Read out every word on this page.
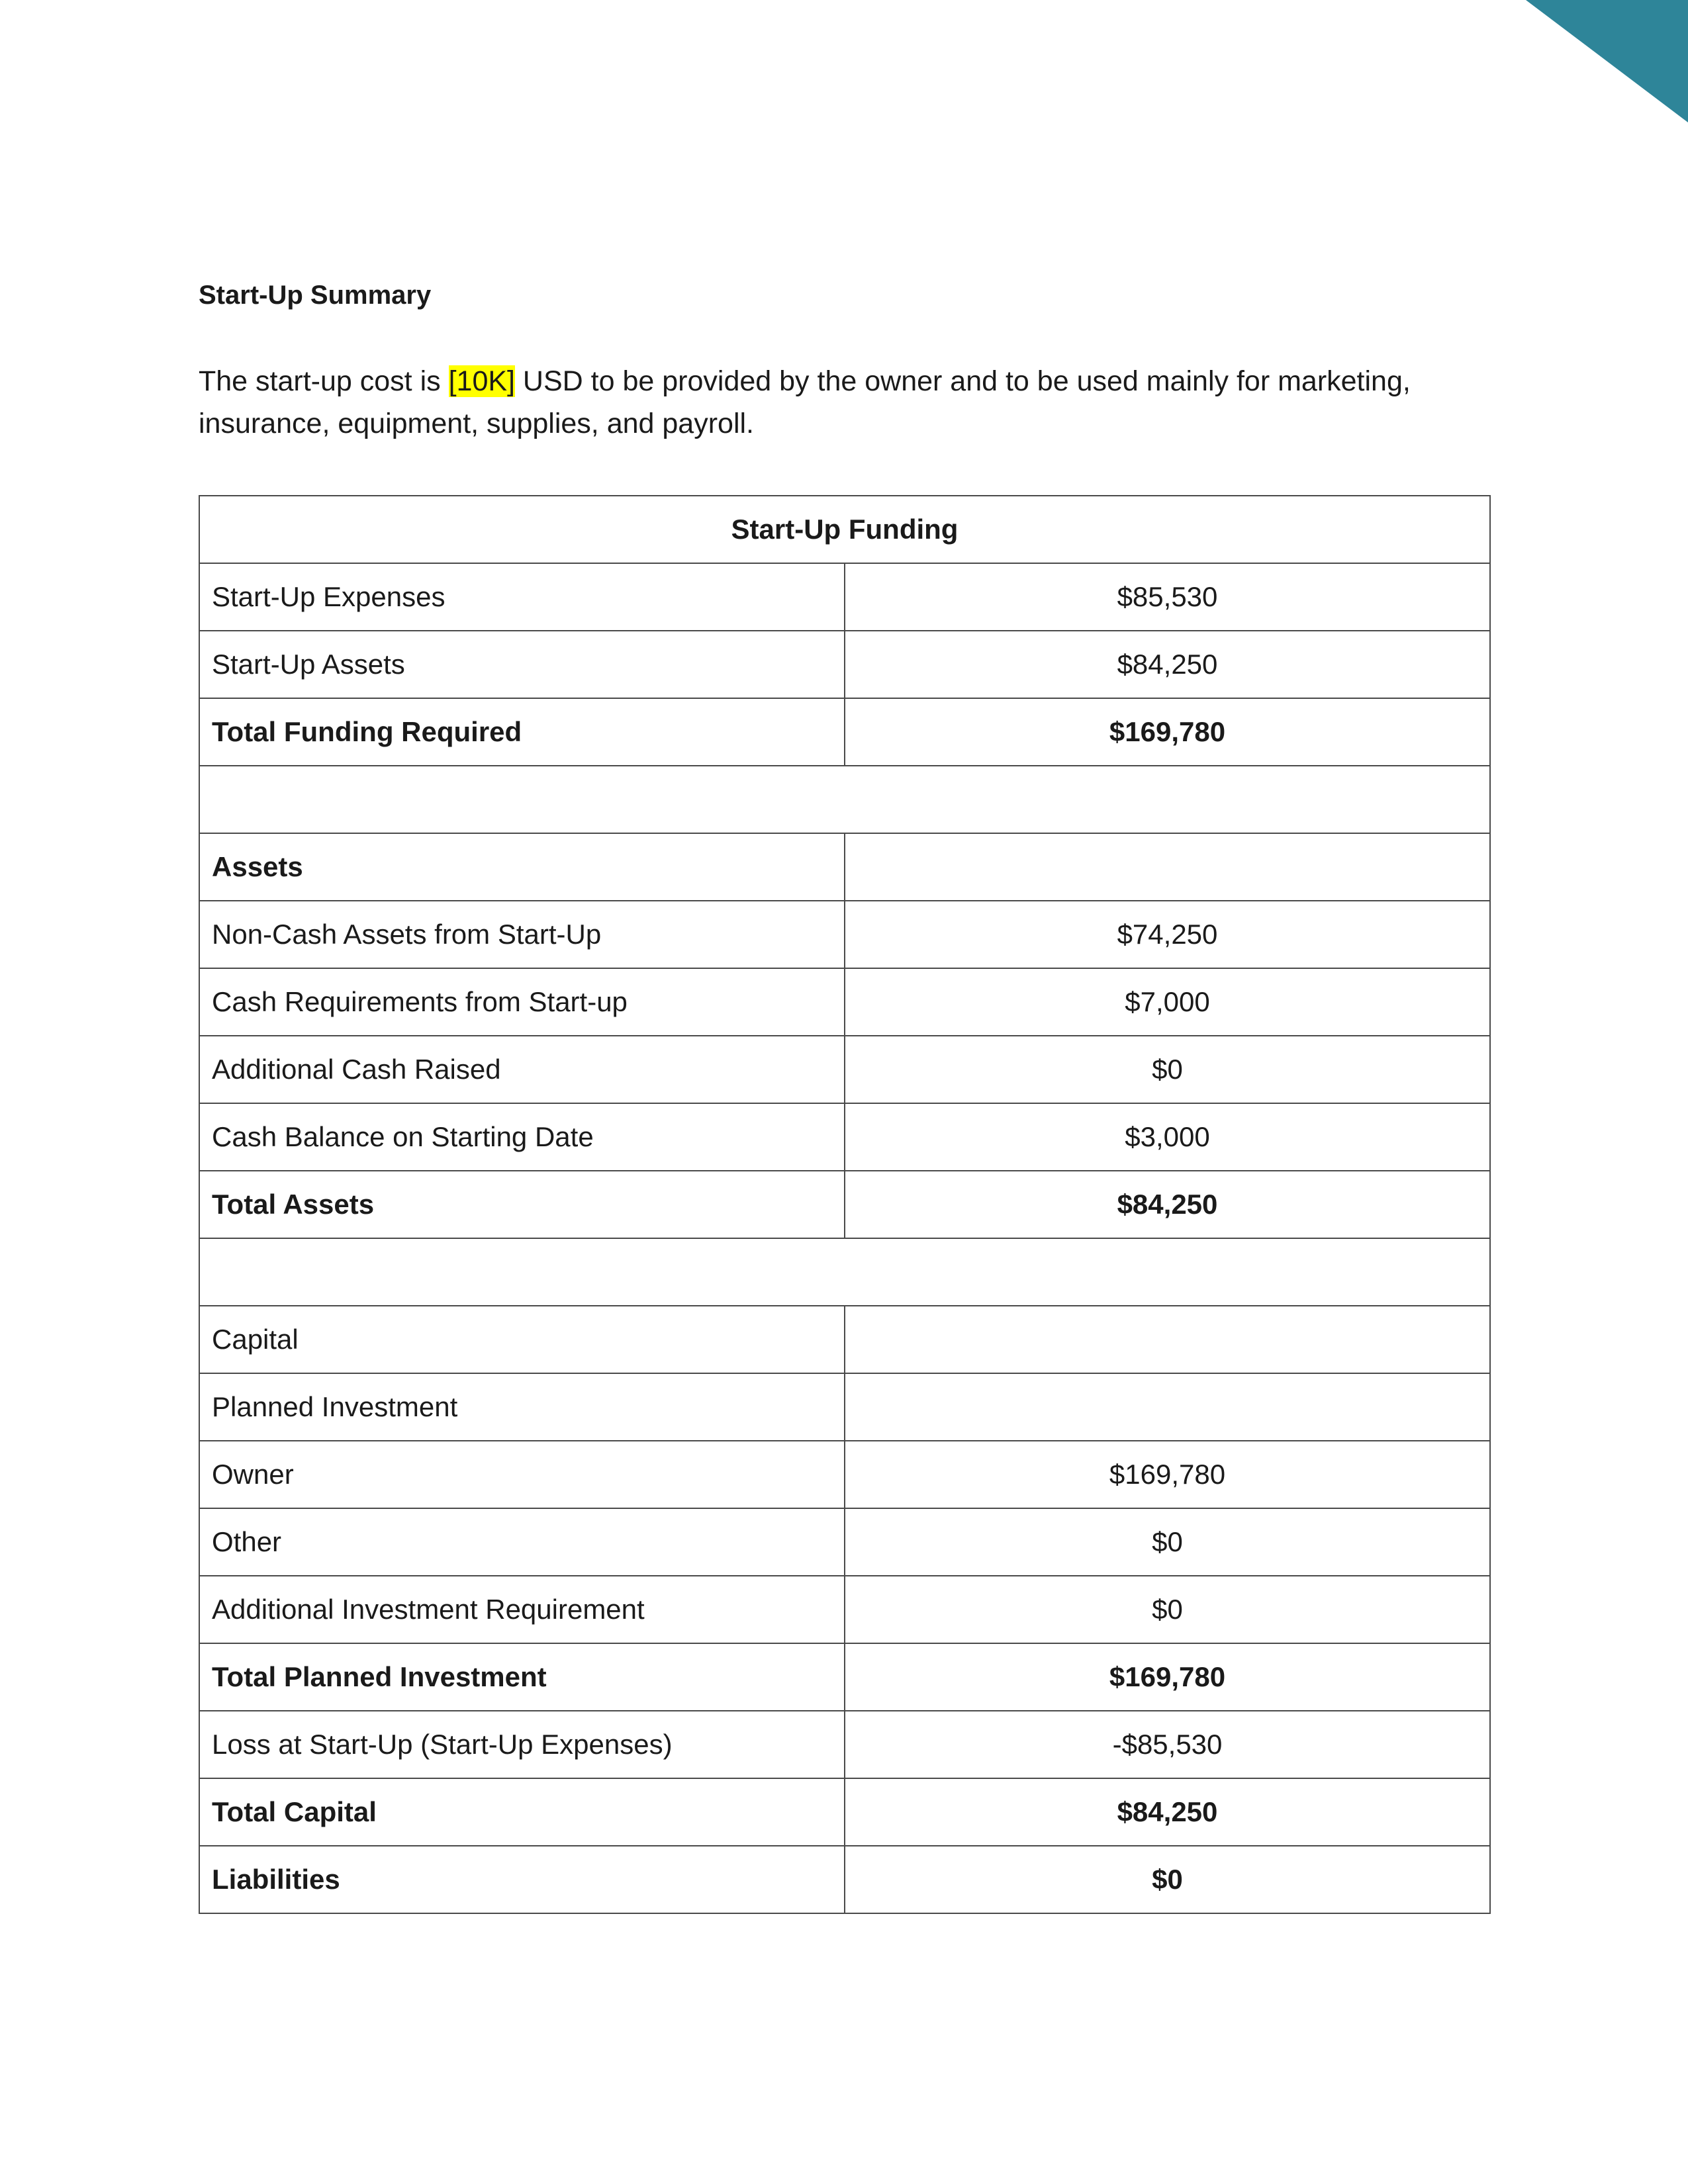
Start-Up Summary

The start-up cost is [10K] USD to be provided by the owner and to be used mainly for marketing, insurance, equipment, supplies, and payroll.

Start-Up Funding	
Start-Up Expenses	$85,530
Start-Up Assets	$84,250
Total Funding Required	$169,780

Assets	
Non-Cash Assets from Start-Up	$74,250
Cash Requirements from Start-up	$7,000
Additional Cash Raised	$0
Cash Balance on Starting Date	$3,000
Total Assets	$84,250

Capital	
Planned Investment	
Owner	$169,780
Other	$0
Additional Investment Requirement	$0
Total Planned Investment	$169,780
Loss at Start-Up (Start-Up Expenses)	-$85,530
Total Capital	$84,250
Liabilities	$0
